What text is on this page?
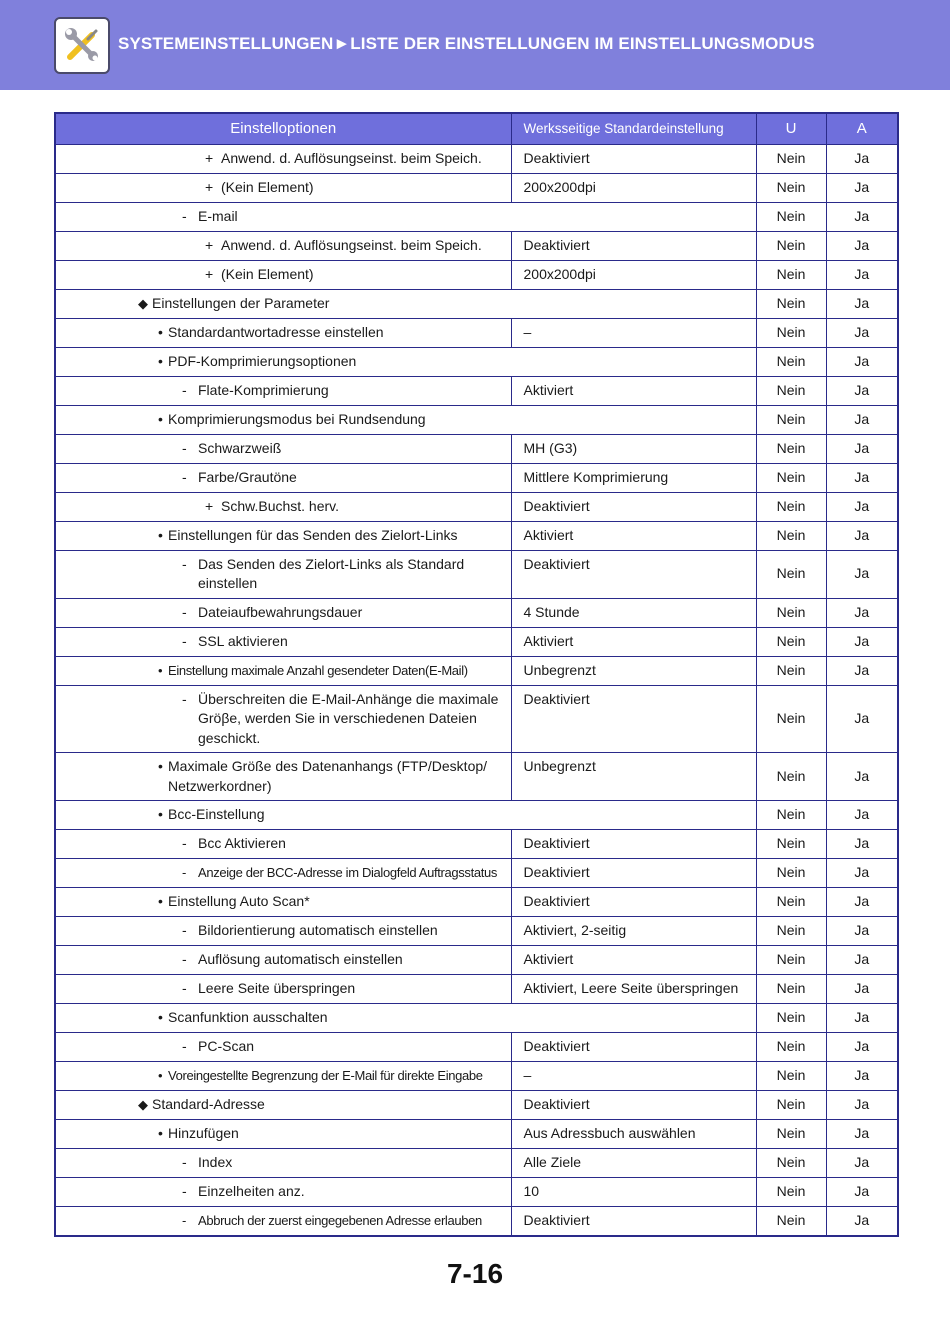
SYSTEMEINSTELLUNGEN►LISTE DER EINSTELLUNGEN IM EINSTELLUNGSMODUS
Einstelloptionen	Werksseitige Standardeinstellung	U	A

+ Anwend. d. Auflösungseinst. beim Speich.	Deaktiviert	Nein	Ja

+ (Kein Element)	200x200dpi	Nein	Ja

- E-mail		Nein	Ja

+ Anwend. d. Auflösungseinst. beim Speich.	Deaktiviert	Nein	Ja

+ (Kein Element)	200x200dpi	Nein	Ja

◆ Einstellungen der Parameter		Nein	Ja

• Standardantwortadresse einstellen	–	Nein	Ja

• PDF-Komprimierungsoptionen		Nein	Ja

- Flate-Komprimierung	Aktiviert	Nein	Ja

• Komprimierungsmodus bei Rundsendung		Nein	Ja

- Schwarzweiß	MH (G3)	Nein	Ja

- Farbe/Grautöne	Mittlere Komprimierung	Nein	Ja

+ Schw.Buchst. herv.	Deaktiviert	Nein	Ja

• Einstellungen für das Senden des Zielort-Links	Aktiviert	Nein	Ja

- Das Senden des Zielort-Links als Standard einstellen	Deaktiviert	Nein	Ja

- Dateiaufbewahrungsdauer	4 Stunde	Nein	Ja

- SSL aktivieren	Aktiviert	Nein	Ja

• Einstellung maximale Anzahl gesendeter Daten(E-Mail)	Unbegrenzt	Nein	Ja

- Überschreiten die E-Mail-Anhänge die maximale Gröβe, werden Sie in verschiedenen Dateien geschickt.	Deaktiviert	Nein	Ja

• Maximale Größe des Datenanhangs (FTP/Desktop/ Netzwerkordner)	Unbegrenzt	Nein	Ja

• Bcc-Einstellung		Nein	Ja

- Bcc Aktivieren	Deaktiviert	Nein	Ja

- Anzeige der BCC-Adresse im Dialogfeld Auftragsstatus	Deaktiviert	Nein	Ja

• Einstellung Auto Scan*	Deaktiviert	Nein	Ja

- Bildorientierung automatisch einstellen	Aktiviert, 2-seitig	Nein	Ja

- Auflösung automatisch einstellen	Aktiviert	Nein	Ja

- Leere Seite überspringen	Aktiviert, Leere Seite überspringen	Nein	Ja

• Scanfunktion ausschalten		Nein	Ja

- PC-Scan	Deaktiviert	Nein	Ja

• Voreingestellte Begrenzung der E-Mail für direkte Eingabe	–	Nein	Ja

◆ Standard-Adresse	Deaktiviert	Nein	Ja

• Hinzufügen	Aus Adressbuch auswählen	Nein	Ja

- Index	Alle Ziele	Nein	Ja

- Einzelheiten anz.	10	Nein	Ja

- Abbruch der zuerst eingegebenen Adresse erlauben	Deaktiviert	Nein	Ja
7-16
